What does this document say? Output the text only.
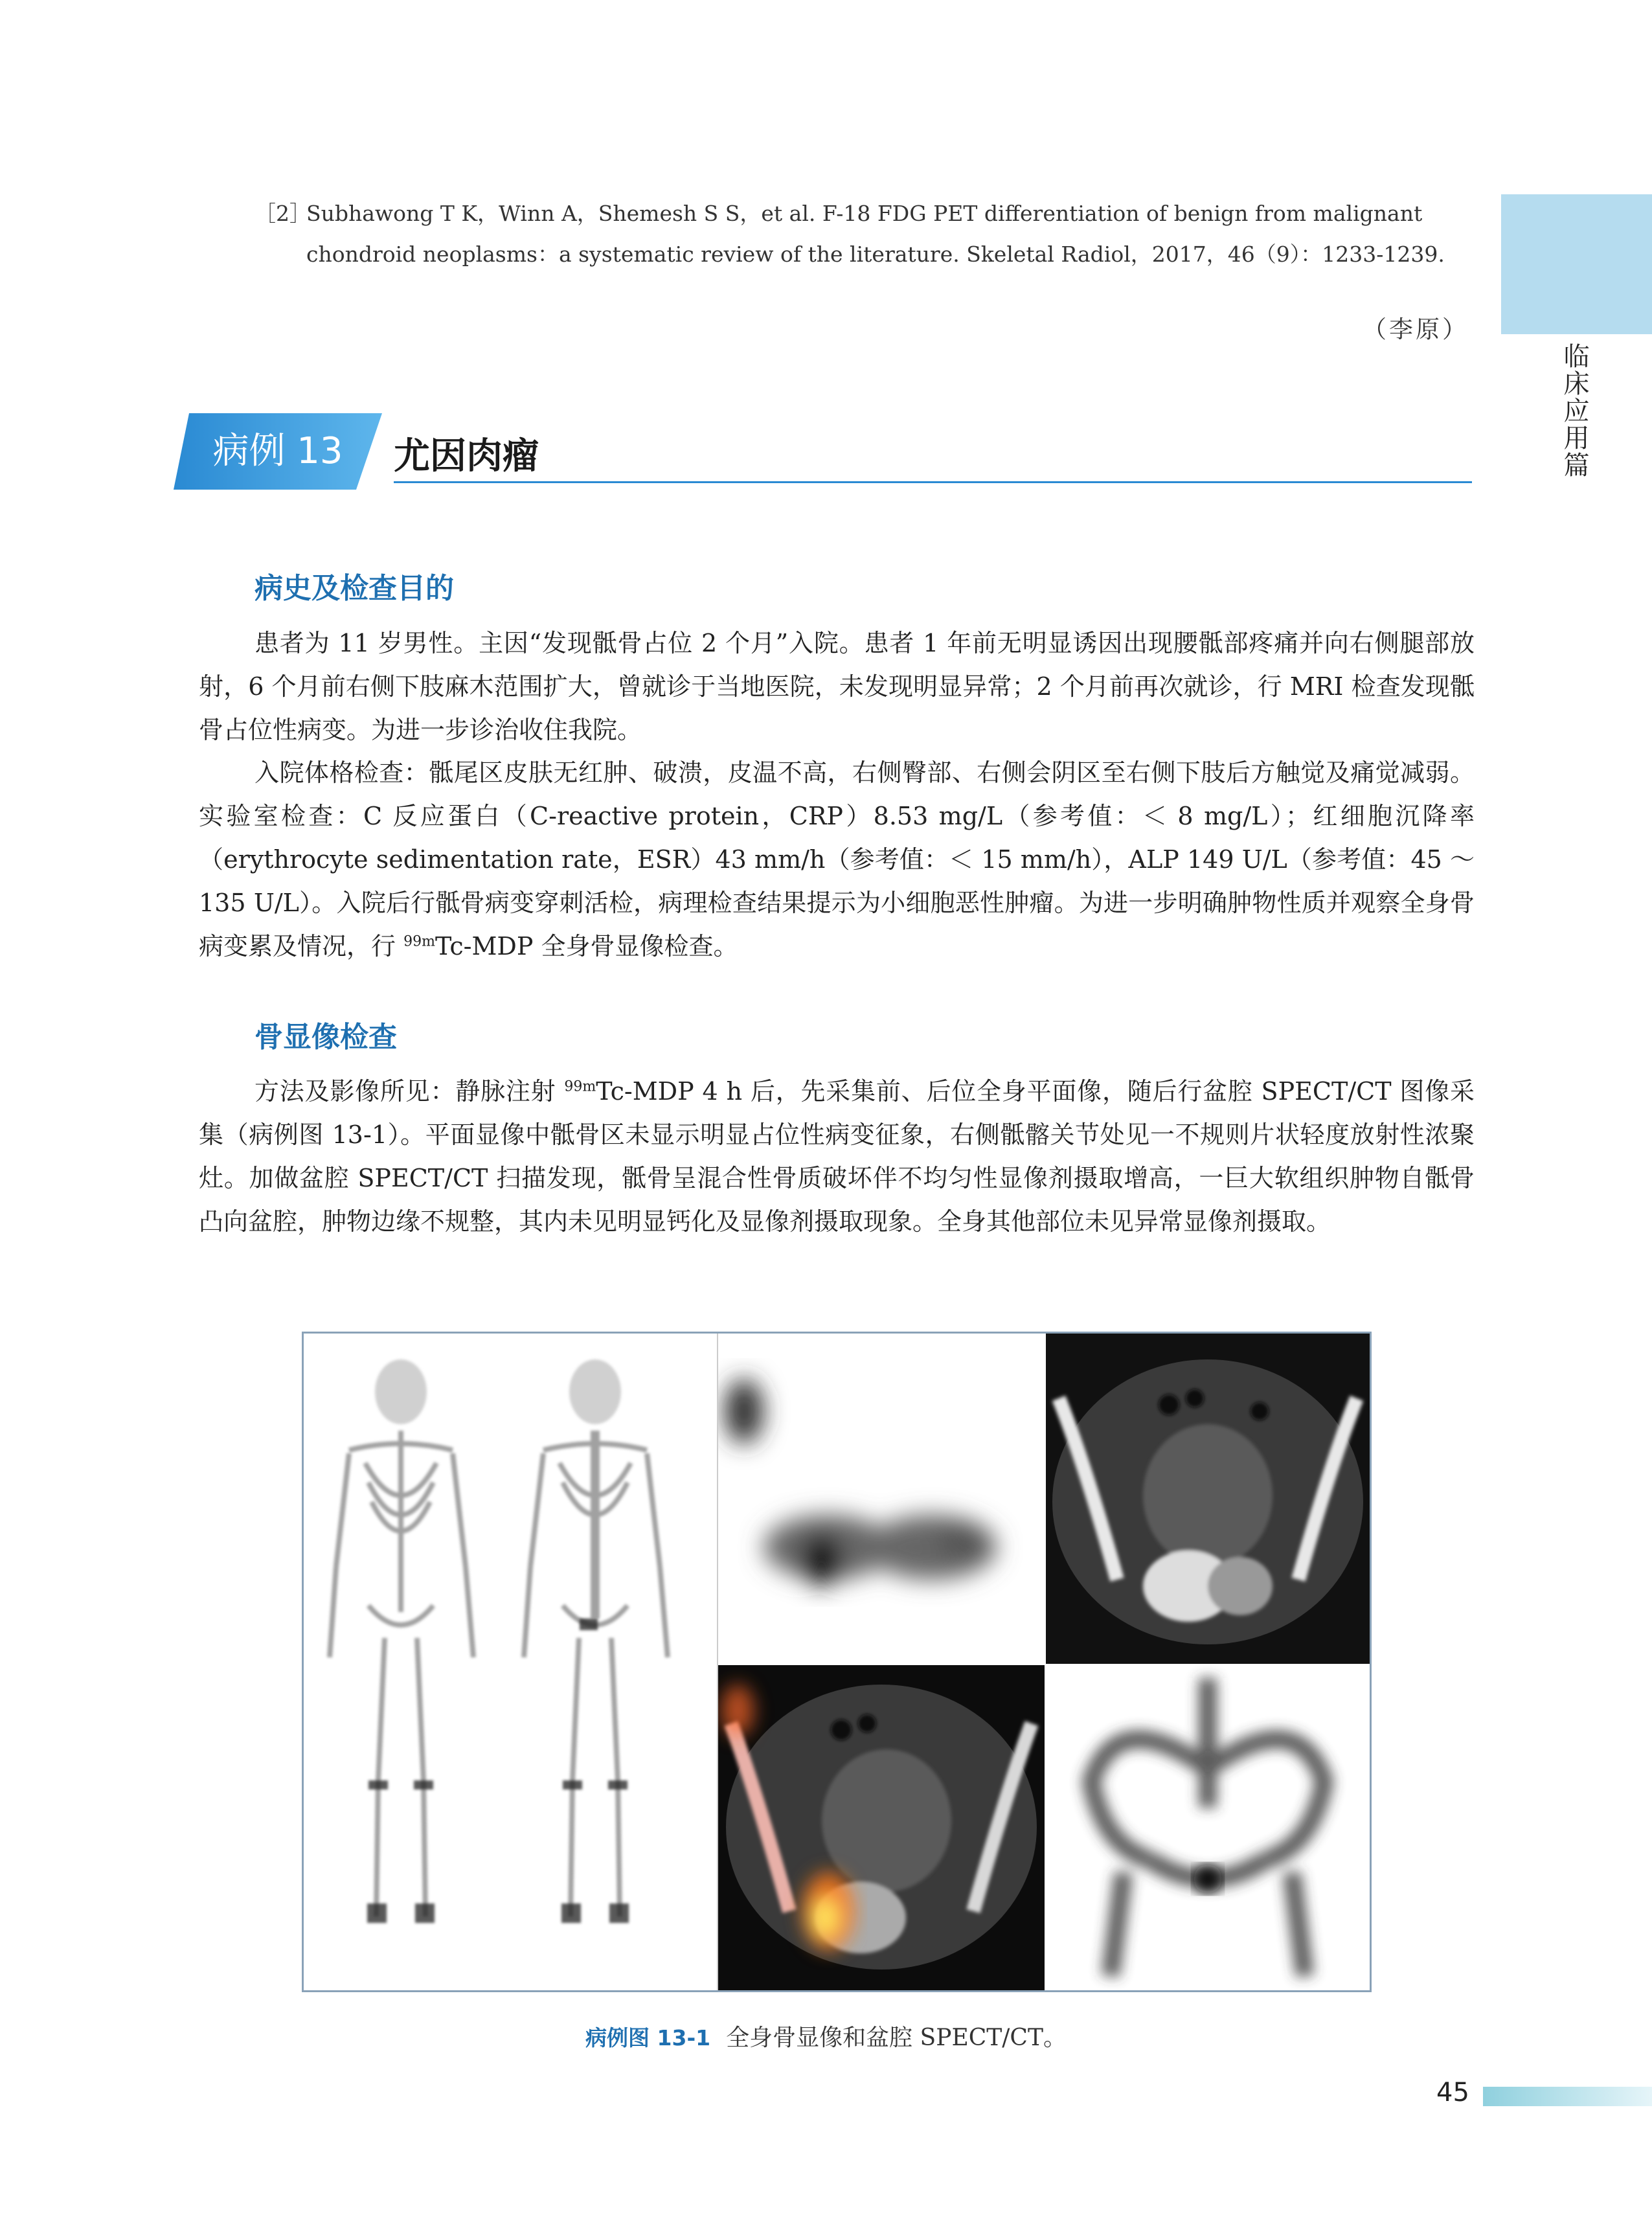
临
床
应
用
篇
［2］
Subhawong T K，Winn A，Shemesh S S，et al. F-18 FDG PET differentiation of benign from malignant chondroid neoplasms：a systematic review of the literature. Skeletal Radiol，2017，46（9）：1233-1239.
（李原）
病例 13	尤因肉瘤
病史及检查目的

患者为 11 岁男性。主因“发现骶骨占位 2 个月”入院。患者 1 年前无明显诱因出现腰骶部疼痛并向右侧腿部放射，6 个月前右侧下肢麻木范围扩大，曾就诊于当地医院，未发现明显异常；2 个月前再次就诊，行 MRI 检查发现骶骨占位性病变。为进一步诊治收住我院。

入院体格检查：骶尾区皮肤无红肿、破溃，皮温不高，右侧臀部、右侧会阴区至右侧下肢后方触觉及痛觉减弱。实验室检查：C 反应蛋白（C-reactive protein，CRP）8.53 mg/L（参考值：＜ 8 mg/L）；红细胞沉降率（erythrocyte sedimentation rate，ESR）43 mm/h（参考值：＜ 15 mm/h），ALP 149 U/L（参考值：45 ～ 135 U/L）。入院后行骶骨病变穿刺活检，病理检查结果提示为小细胞恶性肿瘤。为进一步明确肿物性质并观察全身骨病变累及情况，行 $^{99m}$Tc-MDP 全身骨显像检查。

骨显像检查

方法及影像所见：静脉注射 $^{99m}$Tc-MDP 4 h 后，先采集前、后位全身平面像，随后行盆腔 SPECT/CT 图像采集（病例图 13-1）。平面显像中骶骨区未显示明显占位性病变征象，右侧骶髂关节处见一不规则片状轻度放射性浓聚灶。加做盆腔 SPECT/CT 扫描发现，骶骨呈混合性骨质破坏伴不均匀性显像剂摄取增高，一巨大软组织肿物自骶骨凸向盆腔，肿物边缘不规整，其内未见明显钙化及显像剂摄取现象。全身其他部位未见异常显像剂摄取。

病例图 13-1 全身骨显像和盆腔 SPECT/CT。
45
